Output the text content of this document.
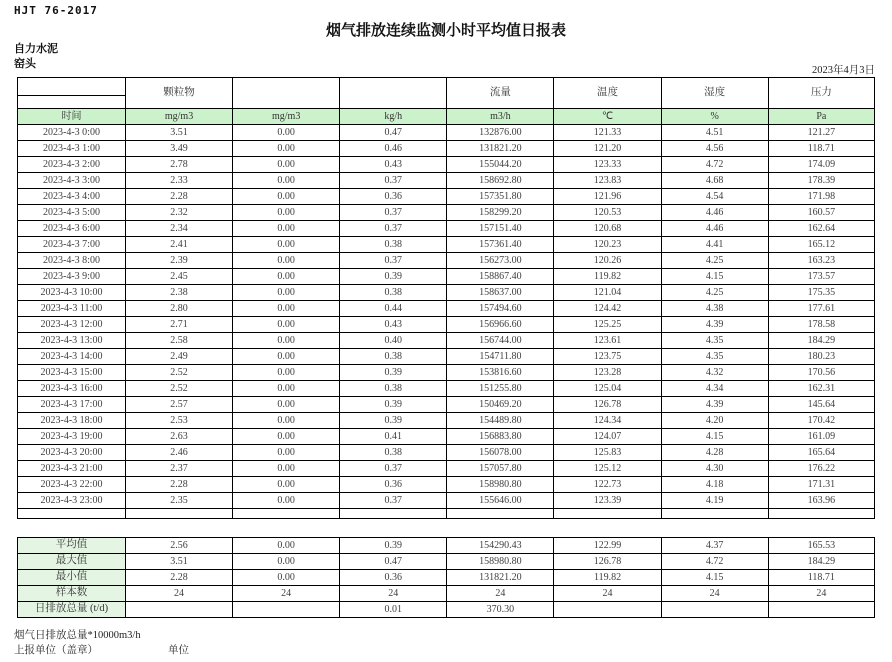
HJT 76-2017
烟气排放连续监测小时平均值日报表
自力水泥
窑头
2023年4月3日
	颗粒物			流量	温度	湿度	压力

时间	mg/m3	mg/m3	kg/h	m3/h	℃	%	Pa
2023-4-3 0:00	3.51	0.00	0.47	132876.00	121.33	4.51	121.27
2023-4-3 1:00	3.49	0.00	0.46	131821.20	121.20	4.56	118.71
2023-4-3 2:00	2.78	0.00	0.43	155044.20	123.33	4.72	174.09
2023-4-3 3:00	2.33	0.00	0.37	158692.80	123.83	4.68	178.39
2023-4-3 4:00	2.28	0.00	0.36	157351.80	121.96	4.54	171.98
2023-4-3 5:00	2.32	0.00	0.37	158299.20	120.53	4.46	160.57
2023-4-3 6:00	2.34	0.00	0.37	157151.40	120.68	4.46	162.64
2023-4-3 7:00	2.41	0.00	0.38	157361.40	120.23	4.41	165.12
2023-4-3 8:00	2.39	0.00	0.37	156273.00	120.26	4.25	163.23
2023-4-3 9:00	2.45	0.00	0.39	158867.40	119.82	4.15	173.57
2023-4-3 10:00	2.38	0.00	0.38	158637.00	121.04	4.25	175.35
2023-4-3 11:00	2.80	0.00	0.44	157494.60	124.42	4.38	177.61
2023-4-3 12:00	2.71	0.00	0.43	156966.60	125.25	4.39	178.58
2023-4-3 13:00	2.58	0.00	0.40	156744.00	123.61	4.35	184.29
2023-4-3 14:00	2.49	0.00	0.38	154711.80	123.75	4.35	180.23
2023-4-3 15:00	2.52	0.00	0.39	153816.60	123.28	4.32	170.56
2023-4-3 16:00	2.52	0.00	0.38	151255.80	125.04	4.34	162.31
2023-4-3 17:00	2.57	0.00	0.39	150469.20	126.78	4.39	145.64
2023-4-3 18:00	2.53	0.00	0.39	154489.80	124.34	4.20	170.42
2023-4-3 19:00	2.63	0.00	0.41	156883.80	124.07	4.15	161.09
2023-4-3 20:00	2.46	0.00	0.38	156078.00	125.83	4.28	165.64
2023-4-3 21:00	2.37	0.00	0.37	157057.80	125.12	4.30	176.22
2023-4-3 22:00	2.28	0.00	0.36	158980.80	122.73	4.18	171.31
2023-4-3 23:00	2.35	0.00	0.37	155646.00	123.39	4.19	163.96

平均值	2.56	0.00	0.39	154290.43	122.99	4.37	165.53
最大值	3.51	0.00	0.47	158980.80	126.78	4.72	184.29
最小值	2.28	0.00	0.36	131821.20	119.82	4.15	118.71
样本数	24	24	24	24	24	24	24
日排放总量 (t/d)			0.01	370.30			
烟气日排放总量*10000m3/h
上报单位（盖章）	单位
